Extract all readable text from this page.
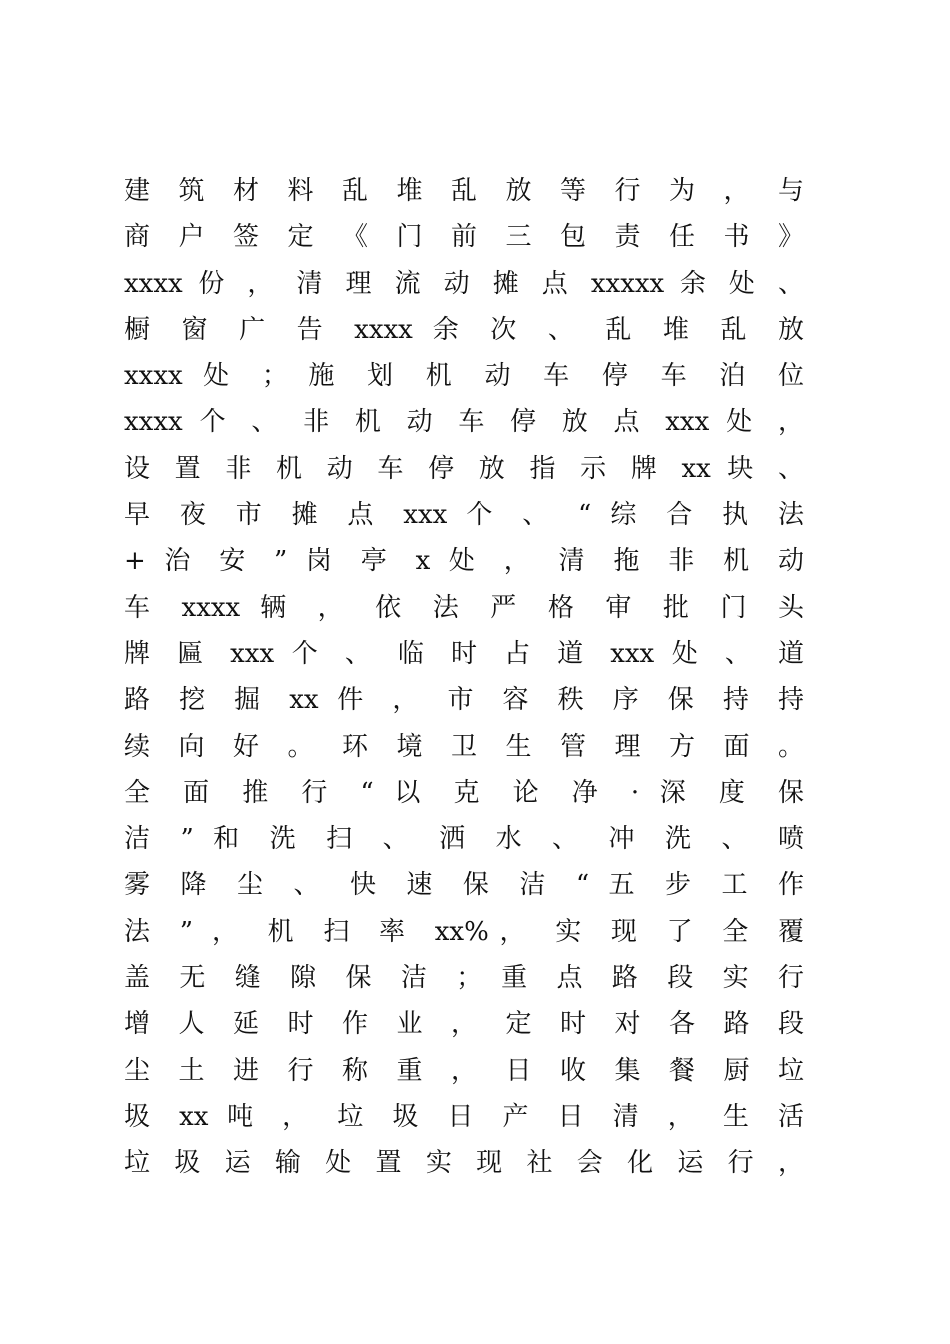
建 筑 材 料 乱 堆 乱 放 等 行 为 ， 与
商 户 签 定 《 门 前 三 包 责 任 书 》
xxxx 份 ， 清 理 流 动 摊 点 xxxxx 余 处 、
橱 窗 广 告 xxxx 余 次 、 乱 堆 乱 放
xxxx 处 ； 施 划 机 动 车 停 车 泊 位
xxxx 个 、 非 机 动 车 停 放 点 xxx 处 ，
设 置 非 机 动 车 停 放 指 示 牌 xx 块 、
早 夜 市 摊 点 xxx 个 、 “ 综 合 执 法
+ 治 安 ” 岗 亭 x 处 ， 清 拖 非 机 动
车 xxxx 辆 ， 依 法 严 格 审 批 门 头
牌 匾 xxx 个 、 临 时 占 道 xxx 处 、 道
路 挖 掘 xx 件 ， 市 容 秩 序 保 持 持
续 向 好 。 环 境 卫 生 管 理 方 面 。
全 面 推 行 “ 以 克 论 净 · 深 度 保
洁 ” 和 洗 扫 、 洒 水 、 冲 洗 、 喷
雾 降 尘 、 快 速 保 洁 “ 五 步 工 作
法 ” ， 机 扫 率 xx%， 实 现 了 全 覆
盖 无 缝 隙 保 洁 ； 重 点 路 段 实 行
增 人 延 时 作 业 ， 定 时 对 各 路 段
尘 土 进 行 称 重 ， 日 收 集 餐 厨 垃
圾 xx 吨 ， 垃 圾 日 产 日 清 ， 生 活
垃 圾 运 输 处 置 实 现 社 会 化 运 行 ，
